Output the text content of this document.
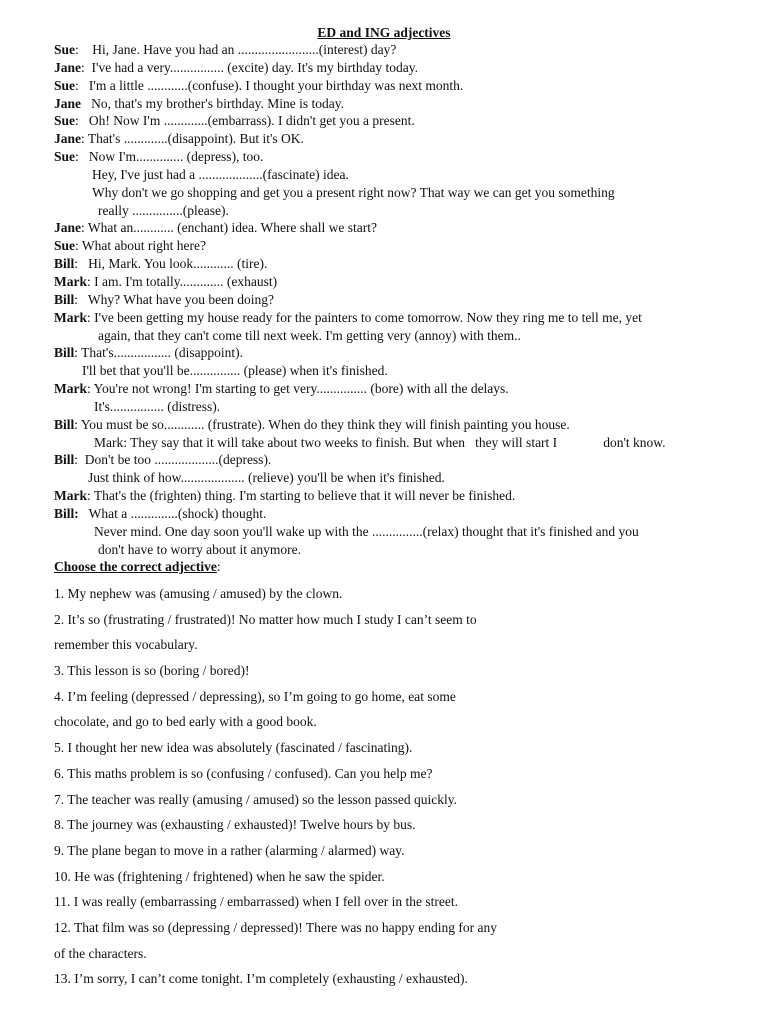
ED and ING adjectives
Sue:    Hi, Jane. Have you had an ........................(interest) day?
Jane:  I've had a very................ (excite) day. It's my birthday today.
Sue:   I'm a little ............(confuse). I thought your birthday was next month.
Jane   No, that's my brother's birthday. Mine is today.
Sue:   Oh! Now I'm .............(embarrass). I didn't get you a present.
Jane: That's .............(disappoint). But it's OK.
Sue:   Now I'm.............. (depress), too.
Hey, I've just had a ...................(fascinate) idea.
Why don't we go shopping and get you a present right now? That way we can get you something
really ...............(please).
Jane: What an............ (enchant) idea. Where shall we start?
Sue: What about right here?
Bill:   Hi, Mark. You look............ (tire).
Mark: I am. I'm totally............. (exhaust)
Bill:   Why? What have you been doing?
Mark: I've been getting my house ready for the painters to come tomorrow. Now they ring me to tell me, yet
again, that they can't come till next week. I'm getting very (annoy) with them..
Bill: That's................. (disappoint).
I'll bet that you'll be............... (please) when it's finished.
Mark: You're not wrong! I'm starting to get very............... (bore) with all the delays.
It's................ (distress).
Bill: You must be so............ (frustrate). When do they think they will finish painting you house.
Mark: They say that it will take about two weeks to finish. But when   they will start I	don't know.
Bill:  Don't be too ...................(depress).
Just think of how................... (relieve) you'll be when it's finished.
Mark: That's the (frighten) thing. I'm starting to believe that it will never be finished.
Bill:   What a ..............(shock) thought.
Never mind. One day soon you'll wake up with the ...............(relax) thought that it's finished and you
don't have to worry about it anymore.
Choose the correct adjective:
1. My nephew was (amusing / amused) by the clown.
2. It’s so (frustrating / frustrated)! No matter how much I study I can’t seem to
remember this vocabulary.
3. This lesson is so (boring / bored)!
4. I’m feeling (depressed / depressing), so I’m going to go home, eat some
chocolate, and go to bed early with a good book.
5. I thought her new idea was absolutely (fascinated / fascinating).
6. This maths problem is so (confusing / confused). Can you help me?
7. The teacher was really (amusing / amused) so the lesson passed quickly.
8. The journey was (exhausting / exhausted)! Twelve hours by bus.
9. The plane began to move in a rather (alarming / alarmed) way.
10. He was (frightening / frightened) when he saw the spider.
11. I was really (embarrassing / embarrassed) when I fell over in the street.
12. That film was so (depressing / depressed)! There was no happy ending for any
of the characters.
13. I’m sorry, I can’t come tonight. I’m completely (exhausting / exhausted).
